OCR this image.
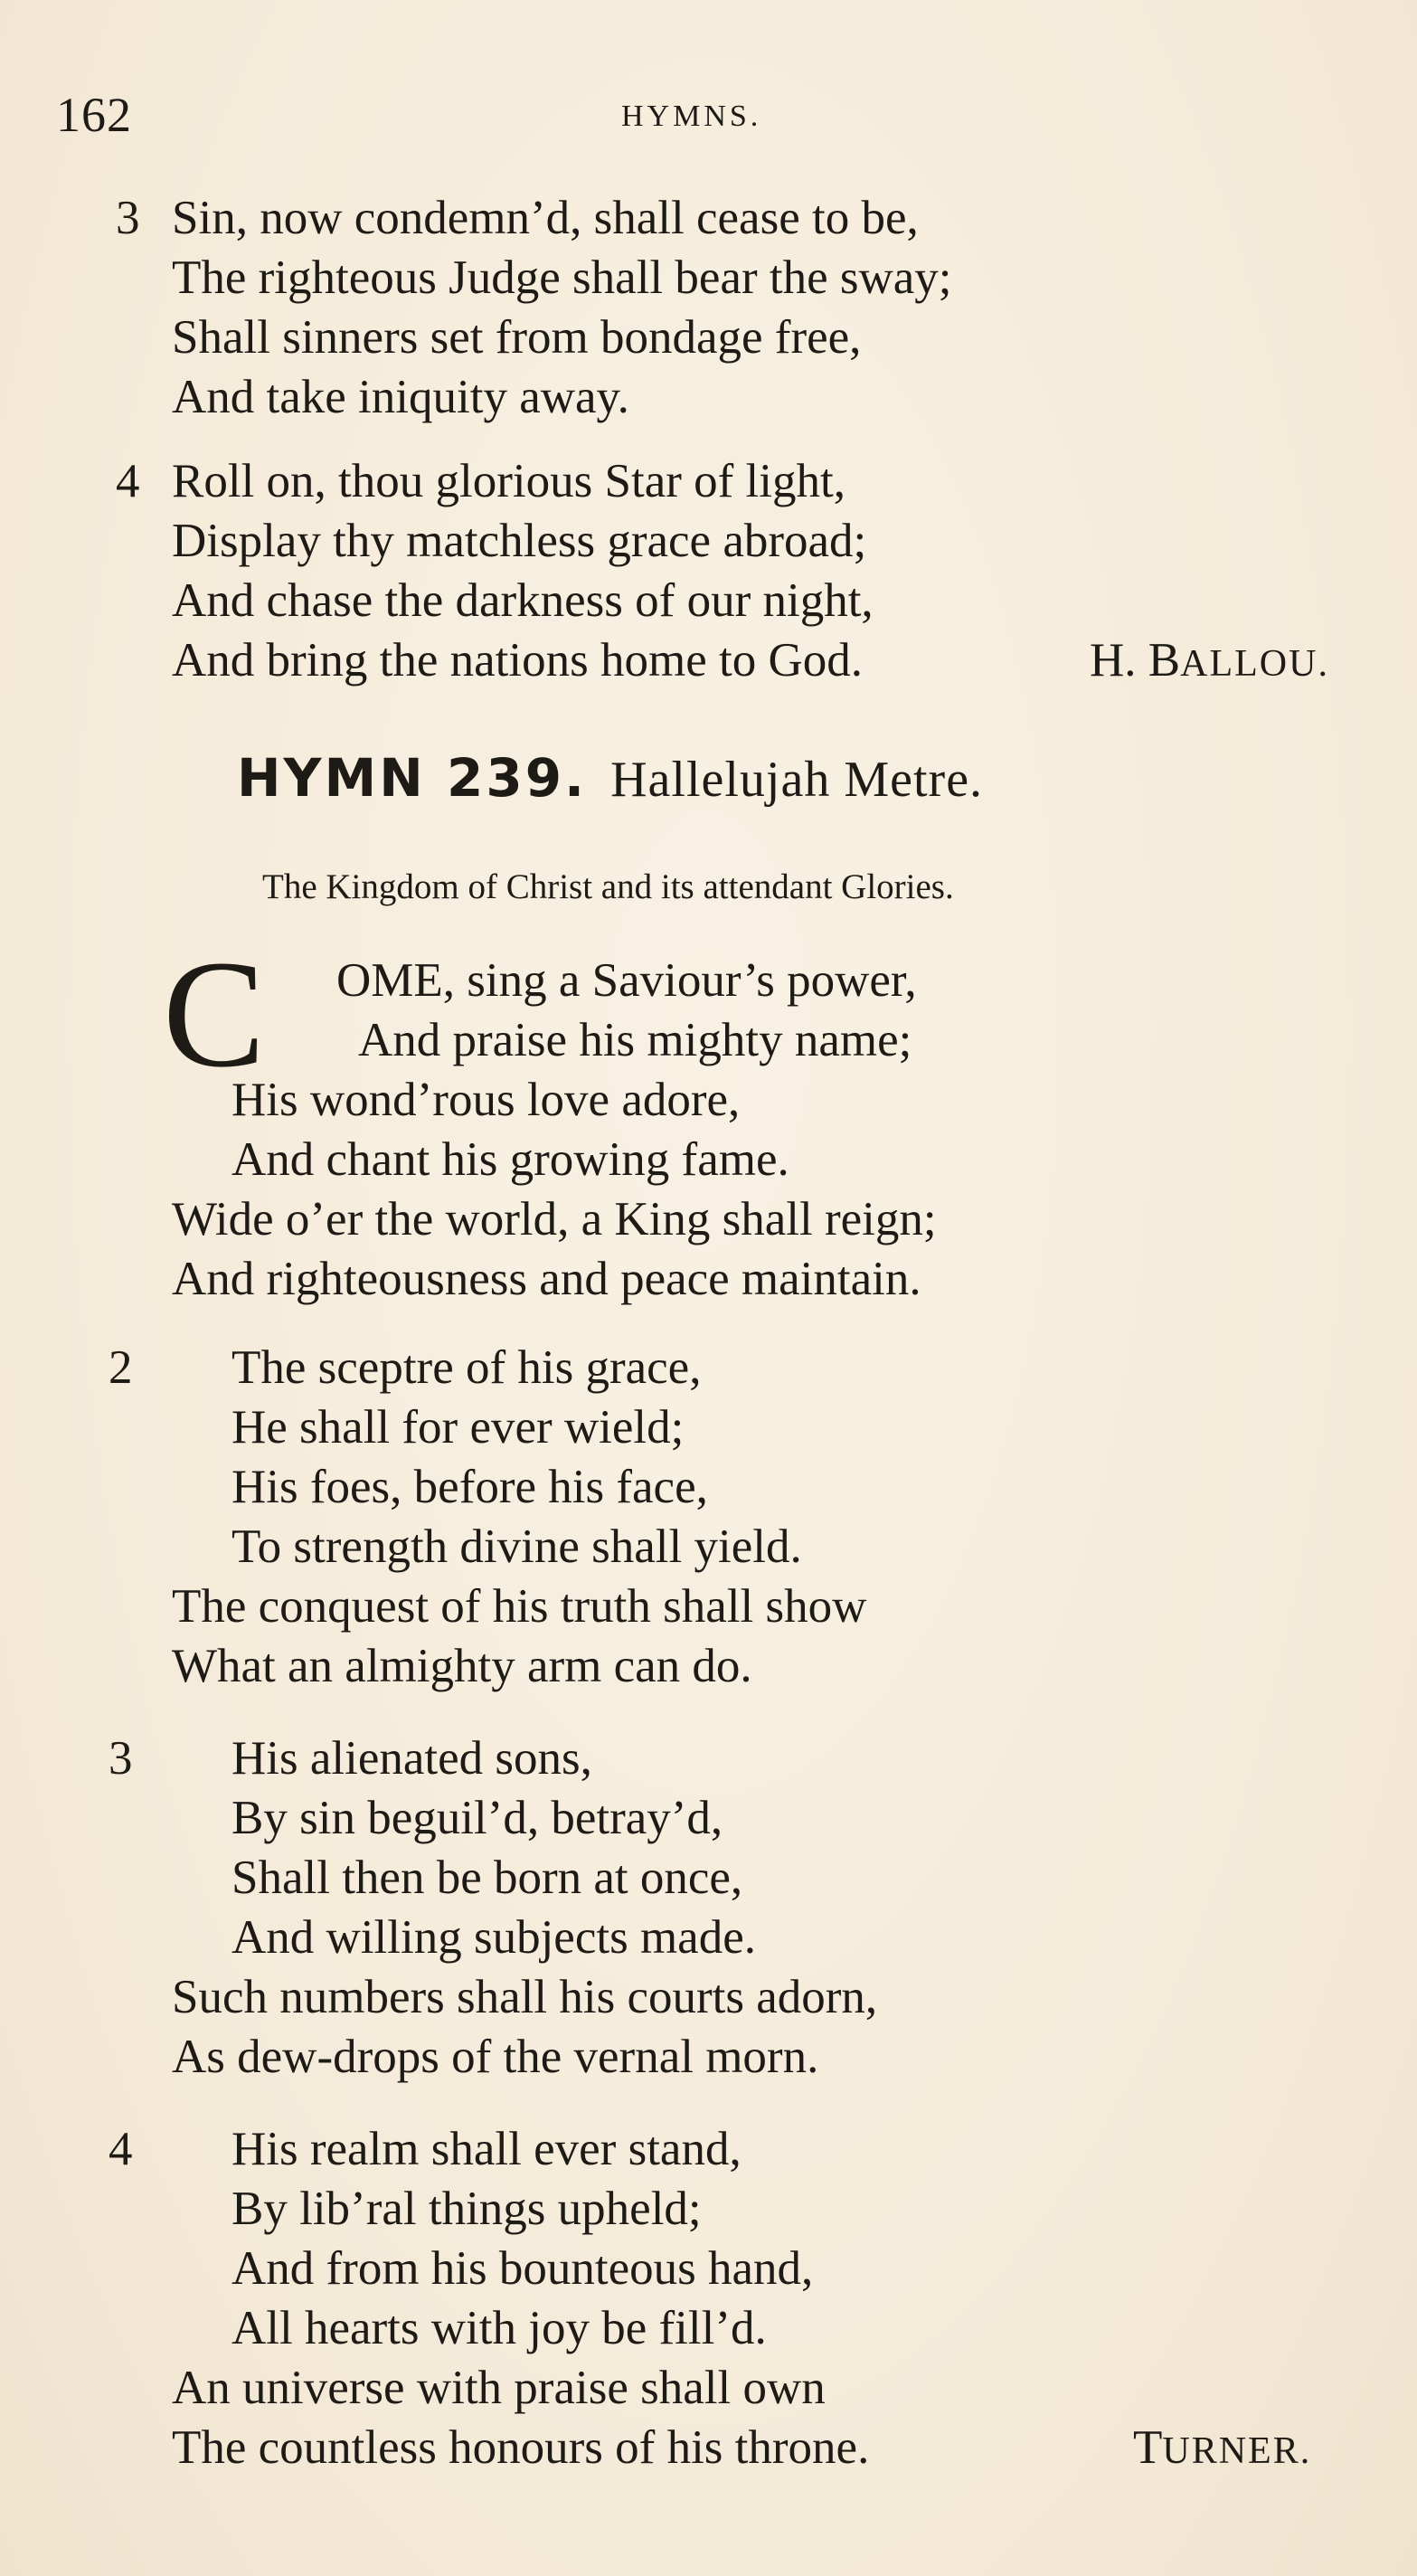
162	HYMNS.
3 Sin, now condemn’d, shall cease to be,
The righteous Judge shall bear the sway;
Shall sinners set from bondage free,
And take iniquity away.
4 Roll on, thou glorious Star of light,
Display thy matchless grace abroad;
And chase the darkness of our night,
And bring the nations home to God.	H. BALLOU.
HYMN 239. Hallelujah Metre.
The Kingdom of Christ and its attendant Glories.
C OME, sing a Saviour’s power,
And praise his mighty name;
His wond’rous love adore,
And chant his growing fame.
Wide o’er the world, a King shall reign;
And righteousness and peace maintain.
2 The sceptre of his grace,
He shall for ever wield;
His foes, before his face,
To strength divine shall yield.
The conquest of his truth shall show
What an almighty arm can do.
3 His alienated sons,
By sin beguil’d, betray’d,
Shall then be born at once,
And willing subjects made.
Such numbers shall his courts adorn,
As dew-drops of the vernal morn.
4 His realm shall ever stand,
By lib’ral things upheld;
And from his bounteous hand,
All hearts with joy be fill’d.
An universe with praise shall own
The countless honours of his throne.	TURNER.
